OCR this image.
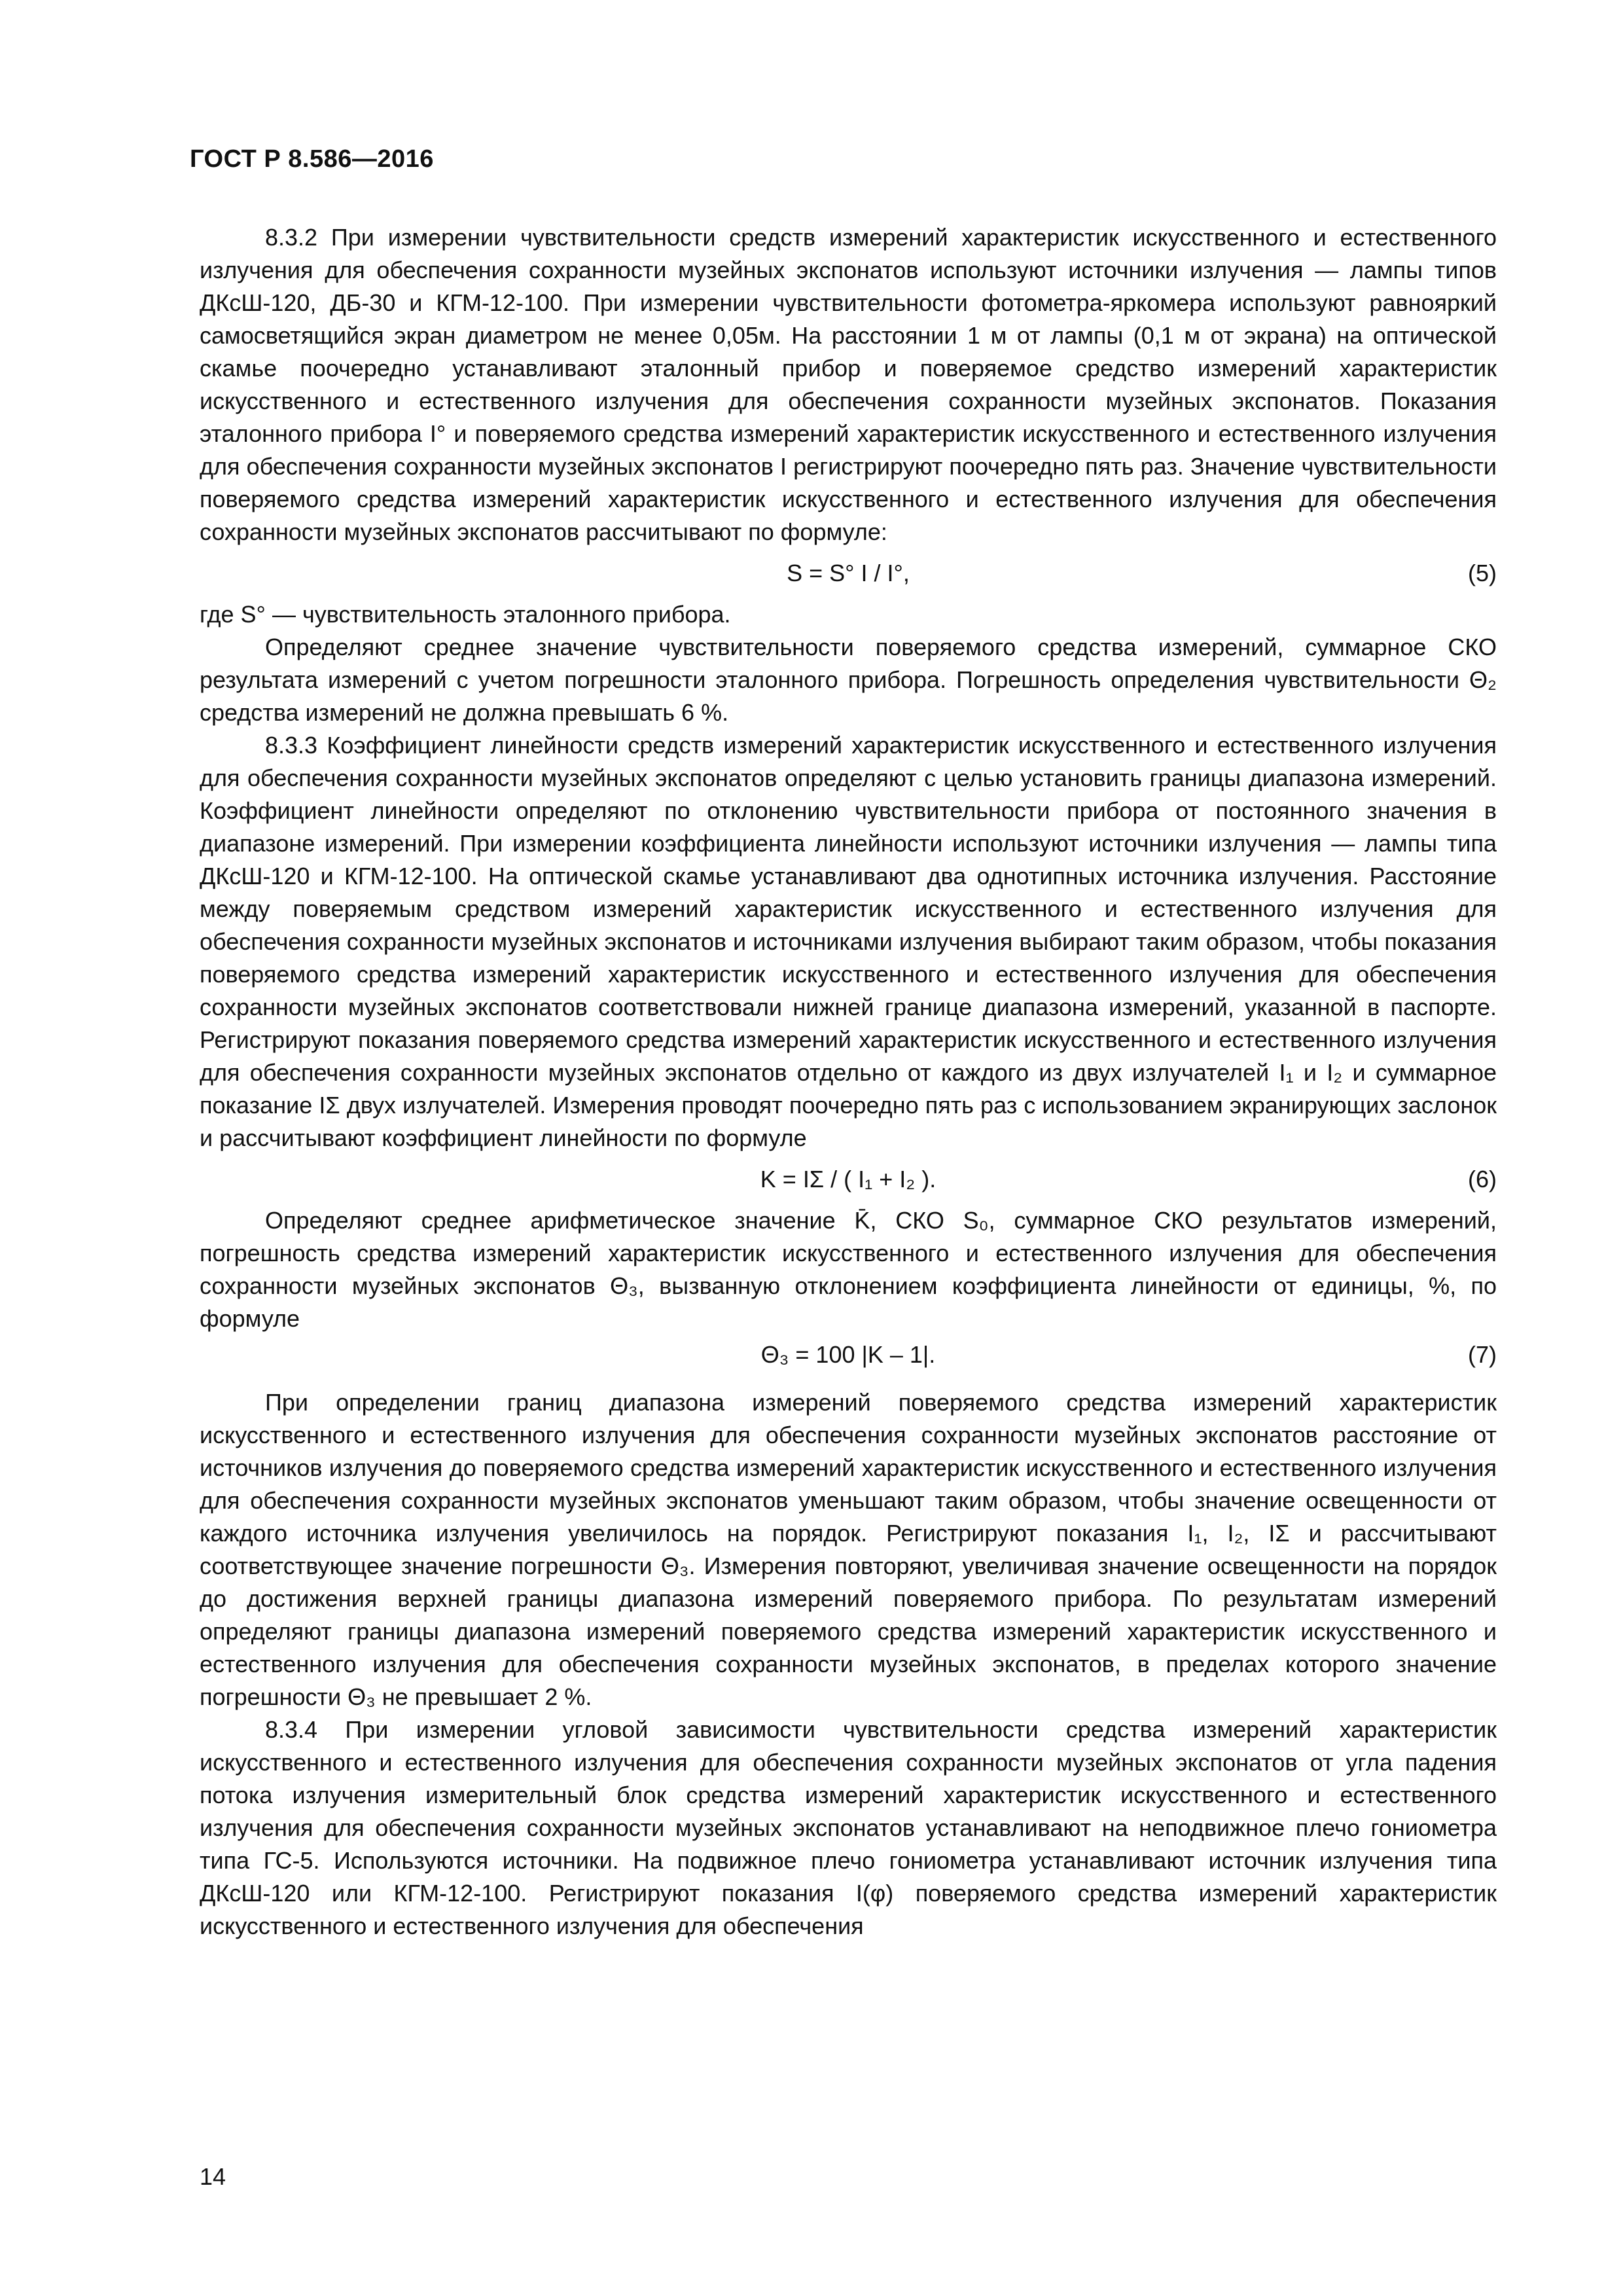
ГОСТ Р 8.586—2016

8.3.2 При измерении чувствительности средств измерений характеристик искусственного и естественного излучения для обеспечения сохранности музейных экспонатов используют источники излучения — лампы типов ДКсШ-120, ДБ-30 и КГМ-12-100. При измерении чувствительности фотометра-яркомера используют равнояркий самосветящийся экран диаметром не менее 0,05м. На расстоянии 1 м от лампы (0,1 м от экрана) на оптической скамье поочередно устанавливают эталонный прибор и поверяемое средство измерений характеристик искусственного и естественного излучения для обеспечения сохранности музейных экспонатов. Показания эталонного прибора I° и поверяемого средства измерений характеристик искусственного и естественного излучения для обеспечения сохранности музейных экспонатов I регистрируют поочередно пять раз. Значение чувствительности поверяемого средства измерений характеристик искусственного и естественного излучения для обеспечения сохранности музейных экспонатов рассчитывают по формуле:

S = S° I / I°,	(5)

где S° — чувствительность эталонного прибора.

Определяют среднее значение чувствительности поверяемого средства измерений, суммарное СКО результата измерений с учетом погрешности эталонного прибора. Погрешность определения чувствительности Θ₂ средства измерений не должна превышать 6 %.

8.3.3 Коэффициент линейности средств измерений характеристик искусственного и естественного излучения для обеспечения сохранности музейных экспонатов определяют с целью установить границы диапазона измерений. Коэффициент линейности определяют по отклонению чувствительности прибора от постоянного значения в диапазоне измерений. При измерении коэффициента линейности используют источники излучения — лампы типа ДКсШ-120 и КГМ-12-100. На оптической скамье устанавливают два однотипных источника излучения. Расстояние между поверяемым средством измерений характеристик искусственного и естественного излучения для обеспечения сохранности музейных экспонатов и источниками излучения выбирают таким образом, чтобы показания поверяемого средства измерений характеристик искусственного и естественного излучения для обеспечения сохранности музейных экспонатов соответствовали нижней границе диапазона измерений, указанной в паспорте. Регистрируют показания поверяемого средства измерений характеристик искусственного и естественного излучения для обеспечения сохранности музейных экспонатов отдельно от каждого из двух излучателей I₁ и I₂ и суммарное показание IΣ двух излучателей. Измерения проводят поочередно пять раз с использованием экранирующих заслонок и рассчитывают коэффициент линейности по формуле

K = IΣ / ( I₁ + I₂ ).	(6)

Определяют среднее арифметическое значение K̄, СКО S₀, суммарное СКО результатов измерений, погрешность средства измерений характеристик искусственного и естественного излучения для обеспечения сохранности музейных экспонатов Θ₃, вызванную отклонением коэффициента линейности от единицы, %, по формуле

Θ₃ = 100 |K – 1|.	(7)

При определении границ диапазона измерений поверяемого средства измерений характеристик искусственного и естественного излучения для обеспечения сохранности музейных экспонатов расстояние от источников излучения до поверяемого средства измерений характеристик искусственного и естественного излучения для обеспечения сохранности музейных экспонатов уменьшают таким образом, чтобы значение освещенности от каждого источника излучения увеличилось на порядок. Регистрируют показания I₁, I₂, IΣ и рассчитывают соответствующее значение погрешности Θ₃. Измерения повторяют, увеличивая значение освещенности на порядок до достижения верхней границы диапазона измерений поверяемого прибора. По результатам измерений определяют границы диапазона измерений поверяемого средства измерений характеристик искусственного и естественного излучения для обеспечения сохранности музейных экспонатов, в пределах которого значение погрешности Θ₃ не превышает 2 %.

8.3.4 При измерении угловой зависимости чувствительности средства измерений характеристик искусственного и естественного излучения для обеспечения сохранности музейных экспонатов от угла падения потока излучения измерительный блок средства измерений характеристик искусственного и естественного излучения для обеспечения сохранности музейных экспонатов устанавливают на неподвижное плечо гониометра типа ГС-5. Используются источники. На подвижное плечо гониометра устанавливают источник излучения типа ДКсШ-120 или КГМ-12-100. Регистрируют показания I(φ) поверяемого средства измерений характеристик искусственного и естественного излучения для обеспечения

14
